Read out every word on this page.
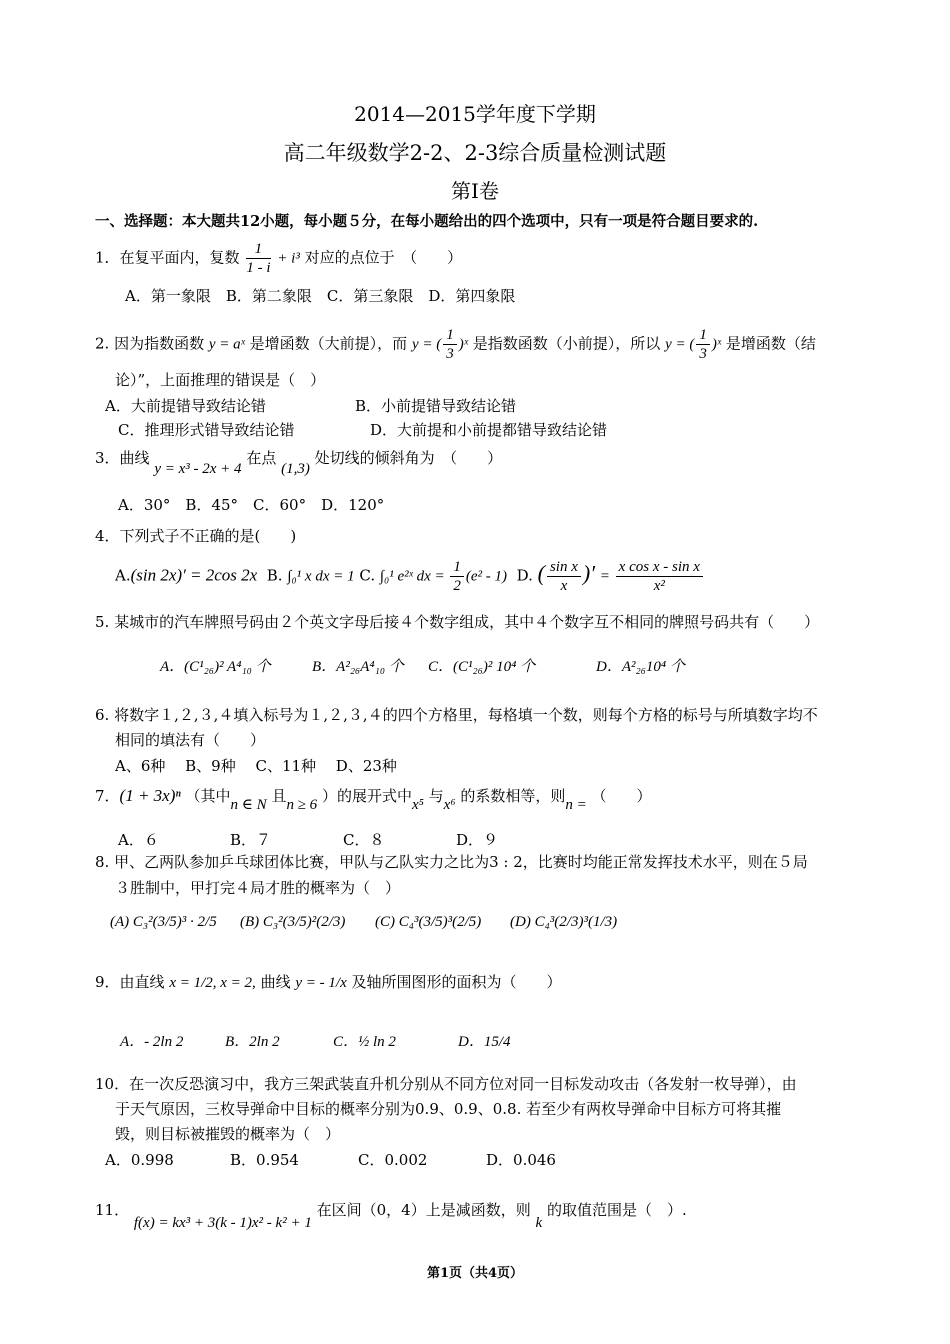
2014—2015学年度下学期
高二年级数学2-2、2-3综合质量检测试题
第Ⅰ卷
一、选择题：本大题共12小题，每小题５分，在每小题给出的四个选项中，只有一项是符合题目要求的.
1．在复平面内，复数 $\frac{1}{1 - i} + i^3$ 对应的点位于　（　　）
A．第一象限　B．第二象限　C．第三象限　D．第四象限
2. 因为指数函数 y = aˣ 是增函数（大前提），而 y = ( $\frac{1}{3}$ )ˣ 是指数函数（小前提），所以 y = ( $\frac{1}{3}$ )ˣ 是增函数（结
论）”，上面推理的错误是（　）
A．大前提错导致结论错	B．小前提错导致结论错
C．推理形式错导致结论错	D．大前提和小前提都错导致结论错
3．曲线 y = x³ - 2x + 4 在点 (1,3) 处切线的倾斜角为　（　　）
A．30°　B．45°　C．60°　D．120°
4．下列式子不正确的是(　　)
A.(sin 2x)′ = 2cos 2x B. ∫₀¹ x dx = 1 C. ∫₀¹ e²ˣ dx = $\frac{1}{2} (e^2 - 1)$ D. ( $\frac{\text{sin x}}{x}$ )′ = $\frac{\text{x cos x - sin x}}{\text{x²}}$
5. 某城市的汽车牌照号码由２个英文字母后接４个数字组成，其中４个数字互不相同的牌照号码共有（　　）
A．(C¹₂₆)² A⁴₁₀ 个	B．A²₂₆A⁴₁₀ 个 C．(C¹₂₆)² 10⁴ 个	D．A²₂₆10⁴ 个
6. 将数字１,２,３,４填入标号为１,２,３,４的四个方格里，每格填一个数，则每个方格的标号与所填数字均不
相同的填法有（　　）
A、6种　 B、9种　 C、11种　 D、23种
7．(1 + 3x)ⁿ （其中n ∈ N 且n ≥ 6 ）的展开式中x⁵ 与x⁶ 的系数相等，则n = （　　）
A．６	B．７	C．８	D．９
8. 甲、乙两队参加乒乓球团体比赛，甲队与乙队实力之比为3 : 2，比赛时均能正常发挥技术水平，则在５局
３胜制中，甲打完４局才胜的概率为（　）
(A) C₃²(3/5)³ · 2/5 (B) C₃²(3/5)²(2/3) (C) C₄³(3/5)³(2/5) (D) C₄³(2/3)³(1/3)
9．由直线 x = 1/2, x = 2, 曲线 y = - 1/x 及轴所围图形的面积为（　　）
A．- 2ln 2	B．2ln 2	C．½ ln 2	D．15/4
10．在一次反恐演习中，我方三架武装直升机分别从不同方位对同一目标发动攻击（各发射一枚导弹），由
于天气原因，三枚导弹命中目标的概率分别为0.9、0.9、0.8. 若至少有两枚导弹命中目标方可将其摧
毁，则目标被摧毁的概率为（　）
A．0.998	B．0.954	C．0.002	D．0.046
11． f(x) = kx³ + 3(k - 1)x² - k² + 1 在区间（0，4）上是减函数，则 k 的取值范围是（　）.
第1页（共4页）
